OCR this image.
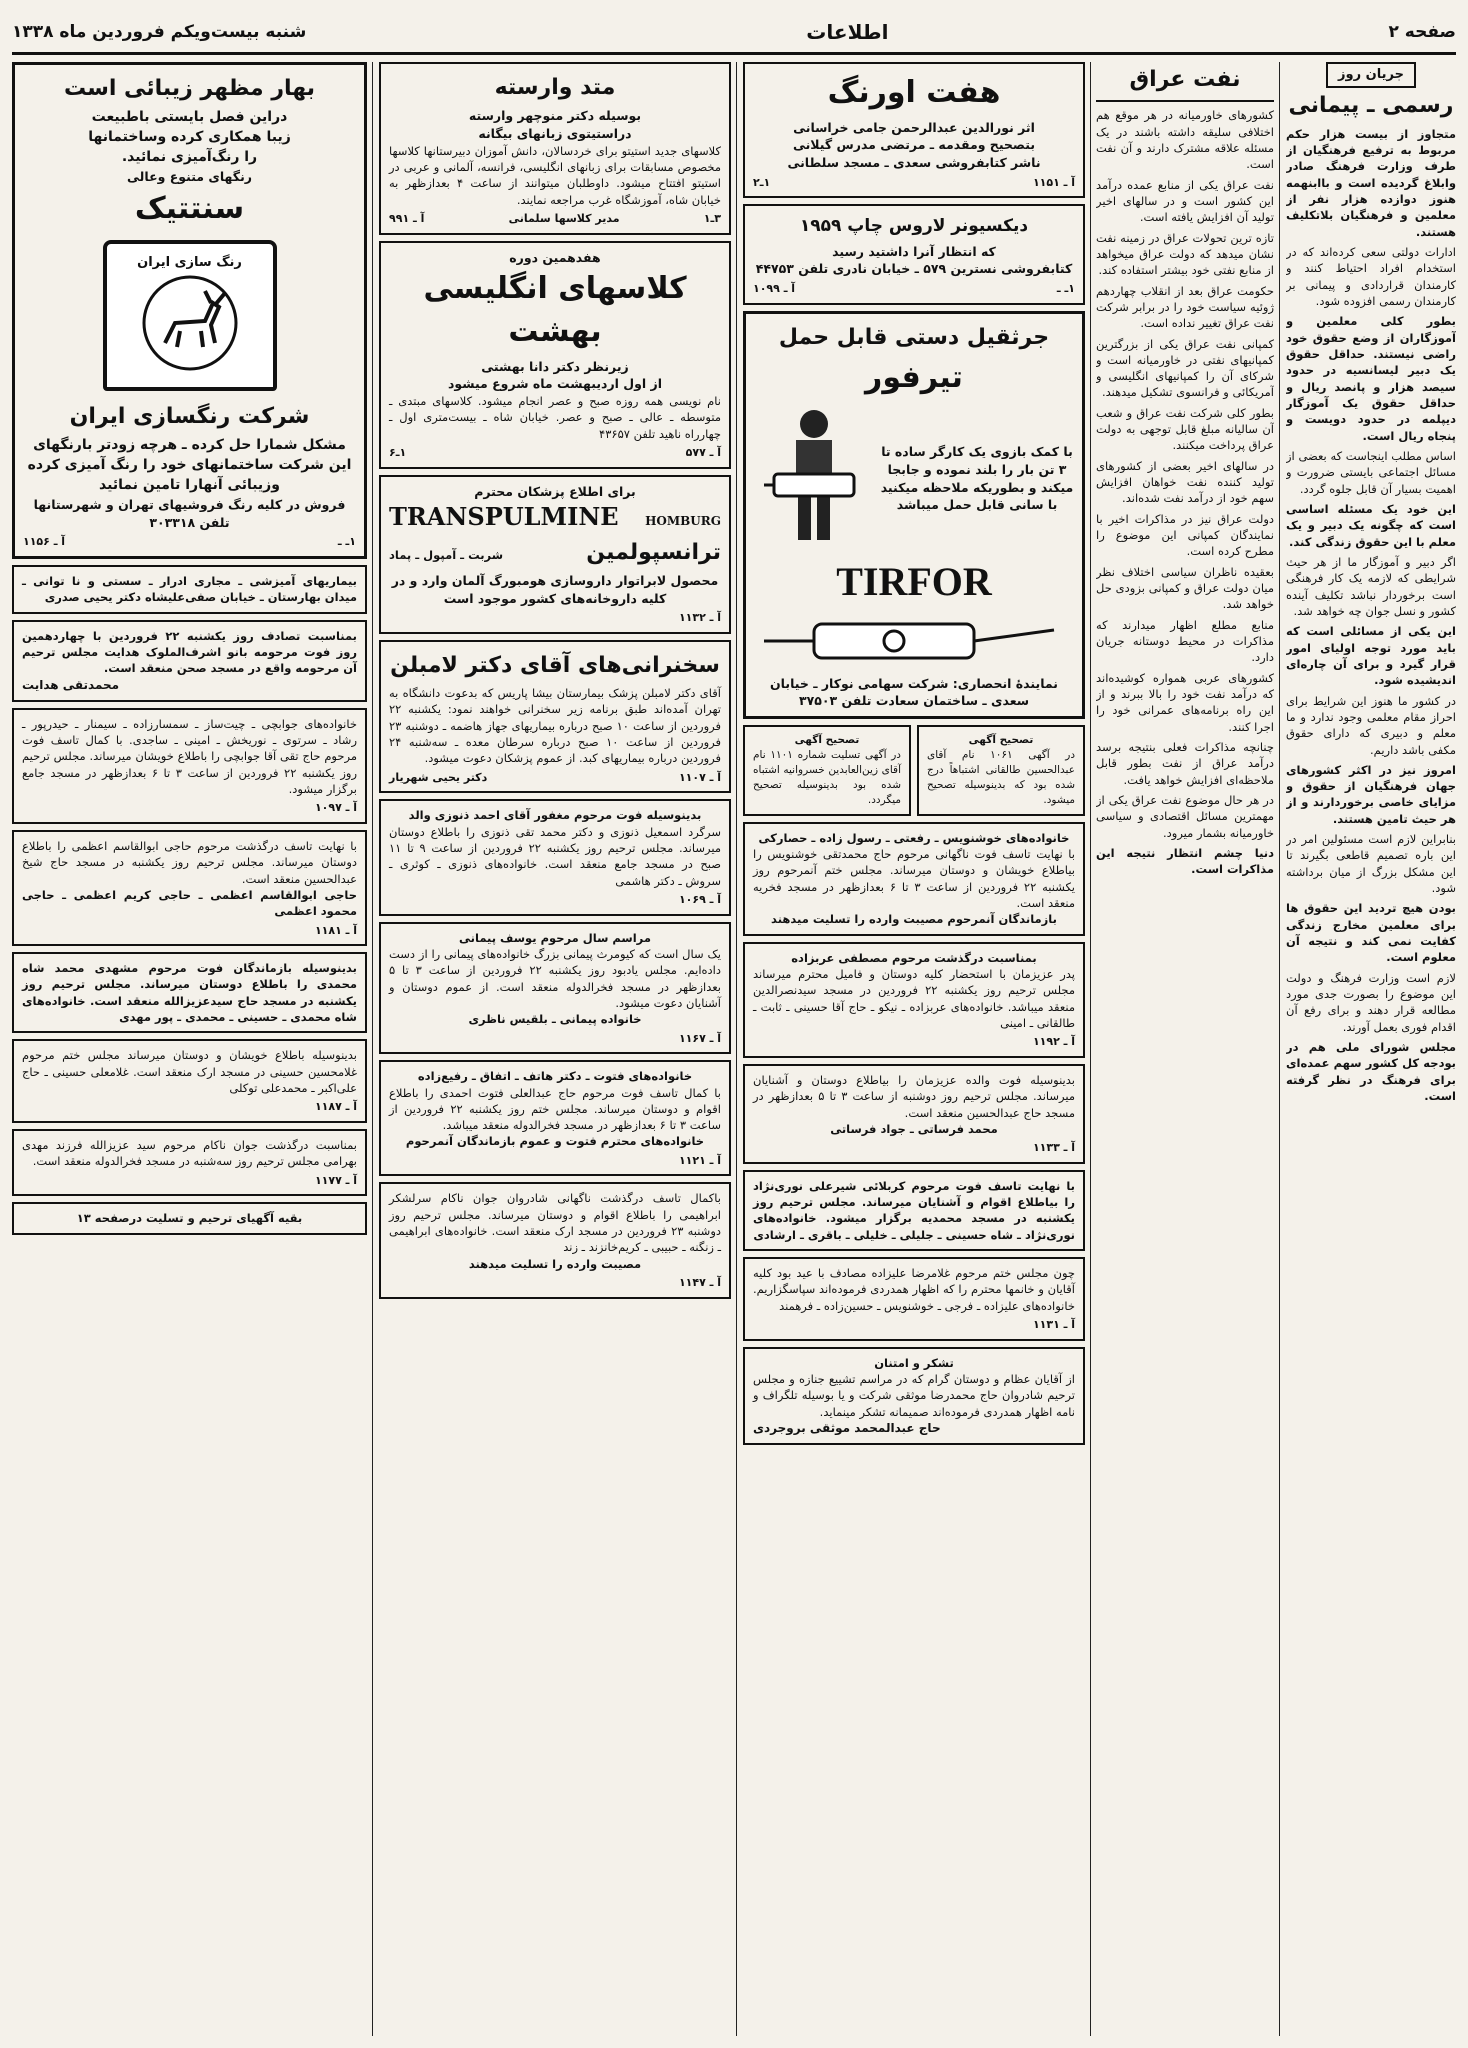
صفحه ۲
اطلاعات
شنبه بیست‌ویکم فروردین ماه ۱۳۳۸
جریان روز
رسمی ـ پیمانی

متجاوز از بیست هزار حکم مربوط به ترفیع فرهنگیان از طرف وزارت فرهنگ صادر وابلاغ گردیده است و باابنهمه هنوز دوازده هزار نفر از معلمین و فرهنگیان بلاتکلیف هستند.

ادارات دولتی سعی کرده‌اند که در استخدام افراد احتیاط کنند و کارمندان قراردادی و پیمانی بر کارمندان رسمی افزوده شود.

بطور کلی معلمین و آموزگاران از وضع حقوق خود راضی نیستند. حداقل حقوق یک دبیر لیسانسیه در حدود سیصد هزار و پانصد ریال و حداقل حقوق یک آموزگار دیپلمه در حدود دویست و پنجاه ریال است.

اساس مطلب اینجاست که بعضی از مسائل اجتماعی بایستی ضرورت و اهمیت بسیار آن قابل جلوه گردد.

این خود یک مسئله اساسی است که چگونه یک دبیر و یک معلم با این حقوق زندگی کند.

اگر دبیر و آموزگار ما از هر حیث شرایطی که لازمه یک کار فرهنگی است برخوردار نباشد تکلیف آینده کشور و نسل جوان چه خواهد شد.

این یکی از مسائلی است که باید مورد توجه اولیای امور قرار گیرد و برای آن چاره‌ای اندیشیده شود.

در کشور ما هنوز این شرایط برای احراز مقام معلمی وجود ندارد و ما معلم و دبیری که دارای حقوق مکفی باشد داریم.

امروز نیز در اکثر کشورهای جهان فرهنگیان از حقوق و مزایای خاصی برخوردارند و از هر حیث تامین هستند.

بنابراین لازم است مسئولین امر در این باره تصمیم قاطعی بگیرند تا این مشکل بزرگ از میان برداشته شود.

بودن هیچ تردید این حقوق ها برای معلمین مخارج زندگی کفایت نمی کند و نتیجه آن معلوم است.

لازم است وزارت فرهنگ و دولت این موضوع را بصورت جدی مورد مطالعه قرار دهند و برای رفع آن اقدام فوری بعمل آورند.

مجلس شورای ملی هم در بودجه کل کشور سهم عمده‌ای برای فرهنگ در نظر گرفته است.

نفت عراق

کشورهای خاورمیانه در هر موقع هم اختلافی سلیقه داشته باشند در یک مسئله علاقه مشترک دارند و آن نفت است.

نفت عراق یکی از منابع عمده درآمد این کشور است و در سالهای اخیر تولید آن افزایش یافته است.

تازه ترین تحولات عراق در زمینه نفت نشان میدهد که دولت عراق میخواهد از منابع نفتی خود بیشتر استفاده کند.

حکومت عراق بعد از انقلاب چهاردهم ژوئیه سیاست خود را در برابر شرکت نفت عراق تغییر نداده است.

کمپانی نفت عراق یکی از بزرگترین کمپانیهای نفتی در خاورمیانه است و شرکای آن را کمپانیهای انگلیسی و آمریکائی و فرانسوی تشکیل میدهند.

بطور کلی شرکت نفت عراق و شعب آن سالیانه مبلغ قابل توجهی به دولت عراق پرداخت میکنند.

در سالهای اخیر بعضی از کشورهای تولید کننده نفت خواهان افزایش سهم خود از درآمد نفت شده‌اند.

دولت عراق نیز در مذاکرات اخیر با نمایندگان کمپانی این موضوع را مطرح کرده است.

بعقیده ناظران سیاسی اختلاف نظر میان دولت عراق و کمپانی بزودی حل خواهد شد.

منابع مطلع اظهار میدارند که مذاکرات در محیط دوستانه جریان دارد.

کشورهای عربی همواره کوشیده‌اند که درآمد نفت خود را بالا ببرند و از این راه برنامه‌های عمرانی خود را اجرا کنند.

چنانچه مذاکرات فعلی بنتیجه برسد درآمد عراق از نفت بطور قابل ملاحظه‌ای افزایش خواهد یافت.

در هر حال موضوع نفت عراق یکی از مهمترین مسائل اقتصادی و سیاسی خاورمیانه بشمار میرود.

دنیا چشم انتظار نتیجه این مذاکرات است.

هفت اورنگ
اثر نورالدین عبدالرحمن جامی خراسانی
بتصحیح ومقدمه ـ مرتضی مدرس گیلانی
ناشر کتابفروشی سعدی ـ مسجد سلطانی
آ ـ ۱۱۵۱
۱ـ۲
دیکسیونر لاروس چاپ ۱۹۵۹
که انتظار آنرا داشتید رسید
کتابفروشی نسترین ۵۷۹ ـ خیابان نادری تلفن ۴۴۷۵۳
۱ـ ـ
آ ـ ۱۰۹۹
جرثقیل دستی قابل حمل
تیرفور
با کمک بازوی یک کارگر ساده تا ۳ تن بار را بلند نموده و جابجا میکند و بطوریکه ملاحظه میکنید با سانی قابل حمل میباشد
TIRFOR
نمایندهٔ انحصاری: شرکت سهامی نوکار ـ خیابان سعدی ـ ساختمان سعادت تلفن ۳۷۵۰۳
تصحیح آگهی
در آگهی ۱۰۶۱ نام آقای عبدالحسین طالقانی اشتباهاً درج شده بود که بدینوسیله تصحیح میشود.
تصحیح آگهی
در آگهی تسلیت شماره ۱۱۰۱ نام آقای زین‌العابدین خسروانیه اشتباه شده بود بدینوسیله تصحیح میگردد.
خانواده‌های خوشنویس ـ رفعتی ـ رسول زاده ـ حصارکی
با نهایت تاسف فوت ناگهانی مرحوم حاج محمدتقی خوشنویس را بیاطلاع خویشان و دوستان میرساند. مجلس ختم آنمرحوم روز یکشنبه ۲۲ فروردین از ساعت ۳ تا ۶ بعدازظهر در مسجد فخریه منعقد است.
بازماندگان آنمرحوم مصیبت وارده را تسلیت میدهند
بمناسبت درگذشت مرحوم مصطفی عربزاده
پدر عزیزمان با استحضار کلیه دوستان و فامیل محترم میرساند مجلس ترحیم روز یکشنبه ۲۲ فروردین در مسجد سیدنصرالدین منعقد میباشد. خانواده‌های عربزاده ـ نیکو ـ حاج آقا حسینی ـ ثابت ـ طالقانی ـ امینی
آ ـ ۱۱۹۲
بدینوسیله فوت والده عزیزمان را بیاطلاع دوستان و آشنایان میرساند. مجلس ترحیم روز دوشنبه از ساعت ۳ تا ۵ بعدازظهر در مسجد حاج عبدالحسین منعقد است.
محمد فرساتی ـ جواد فرساتی
آ ـ ۱۱۳۳
با نهایت تاسف فوت مرحوم کربلائی شیرعلی نوری‌نژاد را بیاطلاع اقوام و آشنایان میرساند. مجلس ترحیم روز یکشنبه در مسجد محمدیه برگزار میشود. خانواده‌های نوری‌نژاد ـ شاه حسینی ـ جلیلی ـ خلیلی ـ باقری ـ ارشادی
چون مجلس ختم مرحوم غلامرضا علیزاده مصادف با عید بود کلیه آقایان و خانمها محترم را که اظهار همدردی فرموده‌اند سپاسگزاریم. خانواده‌های علیزاده ـ فرجی ـ خوشنویس ـ حسین‌زاده ـ فرهمند
آ ـ ۱۱۳۱
تشکر و امتنان
از آقایان عظام و دوستان گرام که در مراسم تشییع جنازه و مجلس ترحیم شادروان حاج محمدرضا موثقی شرکت و یا بوسیله تلگراف و نامه اظهار همدردی فرموده‌اند صمیمانه تشکر مینماید.
حاج عبدالمحمد موثقی بروجردی
متد وارسته
بوسیله دکتر منوچهر وارسته
دراستیتوی زبانهای بیگانه
کلاسهای جدید استیتو برای خردسالان، دانش آموزان دبیرستانها کلاسها مخصوص مسابقات برای زبانهای انگلیسی، فرانسه، آلمانی و عربی در استیتو افتتاح میشود. داوطلبان میتوانند از ساعت ۴ بعدازظهر به خیابان شاه، آموزشگاه غرب مراجعه نمایند.
۳ـ۱
مدیر کلاسها سلمانی
آ ـ ۹۹۱
هفدهمین دوره
کلاسهای انگلیسی بهشت
زیرنظر دکتر دانا بهشتی
از اول اردیبهشت ماه شروع میشود
نام نویسی همه روزه صبح و عصر انجام میشود. کلاسهای مبتدی ـ متوسطه ـ عالی ـ صبح و عصر. خیابان شاه ـ بیست‌متری اول ـ چهارراه ناهید تلفن ۴۳۶۵۷
آ ـ ۵۷۷
۱ـ۶
برای اطلاع پزشکان محترم
HOMBURG
TRANSPULMINE
ترانسپولمین
شربت ـ آمپول ـ پماد
محصول لابراتوار داروسازی هومبورگ آلمان وارد و در کلیه داروخانه‌های کشور موجود است
آ ـ ۱۱۳۲
سخنرانی‌های آقای دکتر لامبلن
آقای دکتر لامبلن پزشک بیمارستان بیشا پاریس که بدعوت دانشگاه به تهران آمده‌اند طبق برنامه زیر سخنرانی خواهند نمود: یکشنبه ۲۲ فروردین از ساعت ۱۰ صبح درباره بیماریهای جهاز هاضمه ـ دوشنبه ۲۳ فروردین از ساعت ۱۰ صبح درباره سرطان معده ـ سه‌شنبه ۲۴ فروردین درباره بیماریهای کبد. از عموم پزشکان دعوت میشود.
آ ـ ۱۱۰۷
دکتر یحیی شهریار
بدینوسیله فوت مرحوم مغفور آقای احمد ذنوزی والد
سرگرد اسمعیل ذنوزی و دکتر محمد تقی ذنوزی را باطلاع دوستان میرساند. مجلس ترحیم روز یکشنبه ۲۲ فروردین از ساعت ۹ تا ۱۱ صبح در مسجد جامع منعقد است. خانواده‌های ذنوزی ـ کوثری ـ سروش ـ دکتر هاشمی
آ ـ ۱۰۶۹
مراسم سال مرحوم یوسف پیمانی
یک سال است که کیومرث پیمانی بزرگ خانواده‌های پیمانی را از دست داده‌ایم. مجلس یادبود روز یکشنبه ۲۲ فروردین از ساعت ۳ تا ۵ بعدازظهر در مسجد فخرالدوله منعقد است. از عموم دوستان و آشنایان دعوت میشود.
خانواده پیمانی ـ بلقیس ناظری
آ ـ ۱۱۶۷
خانواده‌های فتوت ـ دکتر هاتف ـ اتفاق ـ رفیع‌زاده
با کمال تاسف فوت مرحوم حاج عبدالعلی فتوت احمدی را باطلاع اقوام و دوستان میرساند. مجلس ختم روز یکشنبه ۲۲ فروردین از ساعت ۳ تا ۶ بعدازظهر در مسجد فخرالدوله منعقد میباشد.
خانواده‌های محترم فتوت و عموم بازماندگان آنمرحوم
آ ـ ۱۱۲۱
باکمال تاسف درگذشت ناگهانی شادروان جوان ناکام سرلشکر ابراهیمی را باطلاع اقوام و دوستان میرساند. مجلس ترحیم روز دوشنبه ۲۳ فروردین در مسجد ارک منعقد است. خانواده‌های ابراهیمی ـ زنگنه ـ حبیبی ـ کریم‌خانزند ـ زند
مصیبت وارده را تسلیت میدهند
آ ـ ۱۱۴۷
بهار مظهر زیبائی است
دراین فصل بایستی باطبیعت
زیبا همکاری کرده وساختمانها
را رنگ‌آمیزی نمائید.
رنگهای متنوع وعالی
سنتتیک
رنگ سازی ایران
شرکت رنگسازی ایران
مشکل شمارا حل کرده ـ هرچه زودتر بارنگهای این شرکت ساختمانهای خود را رنگ آمیزی کرده وزیبائی آنهارا تامین نمائید
فروش در کلیه رنگ فروشیهای تهران و شهرستانها تلفن ۳۰۳۳۱۸
۱ـ ـ
آ ـ ۱۱۵۶
بیماریهای آمیزشی ـ مجاری ادرار ـ سستی و نا توانی ـ میدان بهارستان ـ خیابان صفی‌علیشاه دکتر یحیی صدری
بمناسبت تصادف روز یکشنبه ۲۲ فروردین با چهاردهمین روز فوت مرحومه بانو اشرف‌الملوک هدایت مجلس ترحیم آن مرحومه واقع در مسجد صحن منعقد است.
محمدتقی هدایت
خانواده‌های جوابچی ـ چیت‌ساز ـ سمسارزاده ـ سیمنار ـ حیدرپور ـ رشاد ـ سرتوی ـ نوریخش ـ امینی ـ ساجدی. با کمال تاسف فوت مرحوم حاج تقی آقا جوابچی را باطلاع خویشان میرساند. مجلس ترحیم روز یکشنبه ۲۲ فروردین از ساعت ۳ تا ۶ بعدازظهر در مسجد جامع برگزار میشود.
آ ـ ۱۰۹۷
با نهایت تاسف درگذشت مرحوم حاجی ابوالقاسم اعظمی را باطلاع دوستان میرساند. مجلس ترحیم روز یکشنبه در مسجد حاج شیخ عبدالحسین منعقد است.
حاجی ابوالقاسم اعظمی ـ حاجی کریم اعظمی ـ حاجی محمود اعظمی
آ ـ ۱۱۸۱
بدینوسیله بازماندگان فوت مرحوم مشهدی محمد شاه محمدی را باطلاع دوستان میرساند. مجلس ترحیم روز یکشنبه در مسجد حاج سیدعزیزالله منعقد است. خانواده‌های شاه محمدی ـ حسینی ـ محمدی ـ پور مهدی
بدینوسیله باطلاع خویشان و دوستان میرساند مجلس ختم مرحوم غلامحسین حسینی در مسجد ارک منعقد است. غلامعلی حسینی ـ حاج علی‌اکبر ـ محمدعلی توکلی
آ ـ ۱۱۸۷
بمناسبت درگذشت جوان ناکام مرحوم سید عزیزالله فرزند مهدی بهرامی مجلس ترحیم روز سه‌شنبه در مسجد فخرالدوله منعقد است.
آ ـ ۱۱۷۷
بقیه آگهیای ترحیم و تسلیت درصفحه ۱۳
